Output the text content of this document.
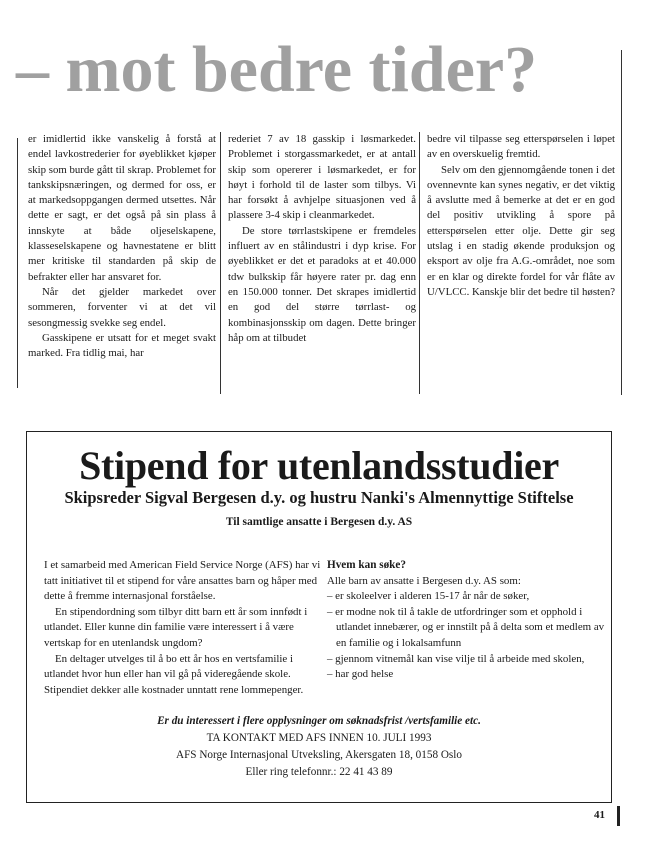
– mot bedre tider?

er imidlertid ikke vanskelig å forstå at endel lavkostrederier for øyeblikket kjøper skip som burde gått til skrap. Problemet for tankskipsnæringen, og dermed for oss, er at markedsoppgangen dermed utsettes. Når dette er sagt, er det også på sin plass å innskyte at både oljeselskapene, klasseselskapene og havnestatene er blitt mer kritiske til standarden på skip de befrakter eller har ansvaret for.

Når det gjelder markedet over sommeren, forventer vi at det vil sesongmessig svekke seg endel.

Gasskipene er utsatt for et meget svakt marked. Fra tidlig mai, har

rederiet 7 av 18 gasskip i løsmarkedet. Problemet i storgassmarkedet, er at antall skip som opererer i løsmarkedet, er for høyt i forhold til de laster som tilbys. Vi har forsøkt å avhjelpe situasjonen ved å plassere 3-4 skip i cleanmarkedet.

De store tørrlastskipene er fremdeles influert av en stålindustri i dyp krise. For øyeblikket er det et paradoks at et 40.000 tdw bulkskip får høyere rater pr. dag enn en 150.000 tonner. Det skrapes imidlertid en god del større tørrlast- og kombinasjonsskip om dagen. Dette bringer håp om at tilbudet

bedre vil tilpasse seg etterspørselen i løpet av en overskuelig fremtid.

Selv om den gjennomgående tonen i det ovennevnte kan synes negativ, er det viktig å avslutte med å bemerke at det er en god del positiv utvikling å spore på etterspørselen etter olje. Dette gir seg utslag i en stadig økende produksjon og eksport av olje fra A.G.-området, noe som er en klar og direkte fordel for vår flåte av U/VLCC. Kanskje blir det bedre til høsten?

Stipend for utenlandsstudier
Skipsreder Sigval Bergesen d.y. og hustru Nanki's Almennyttige Stiftelse
Til samtlige ansatte i Bergesen d.y. AS

I et samarbeid med American Field Service Norge (AFS) har vi tatt initiativet til et stipend for våre ansattes barn og håper med dette å fremme internasjonal forståelse.

En stipendordning som tilbyr ditt barn ett år som innfødt i utlandet. Eller kunne din familie være interessert i å være vertskap for en utenlandsk ungdom?

En deltager utvelges til å bo ett år hos en vertsfamilie i utlandet hvor hun eller han vil gå på videregående skole. Stipendiet dekker alle kostnader unntatt rene lommepenger.

Hvem kan søke?
Alle barn av ansatte i Bergesen d.y. AS som:
– er skoleelver i alderen 15-17 år når de søker,
– er modne nok til å takle de utfordringer som et opphold i utlandet innebærer, og er innstilt på å delta som et medlem av en familie og i lokalsamfunn
– gjennom vitnemål kan vise vilje til å arbeide med skolen,
– har god helse
Er du interessert i flere opplysninger om søknadsfrist /vertsfamilie etc.
TA KONTAKT MED AFS INNEN 10. JULI 1993
AFS Norge Internasjonal Utveksling, Akersgaten 18, 0158 Oslo
Eller ring telefonnr.: 22 41 43 89
41
